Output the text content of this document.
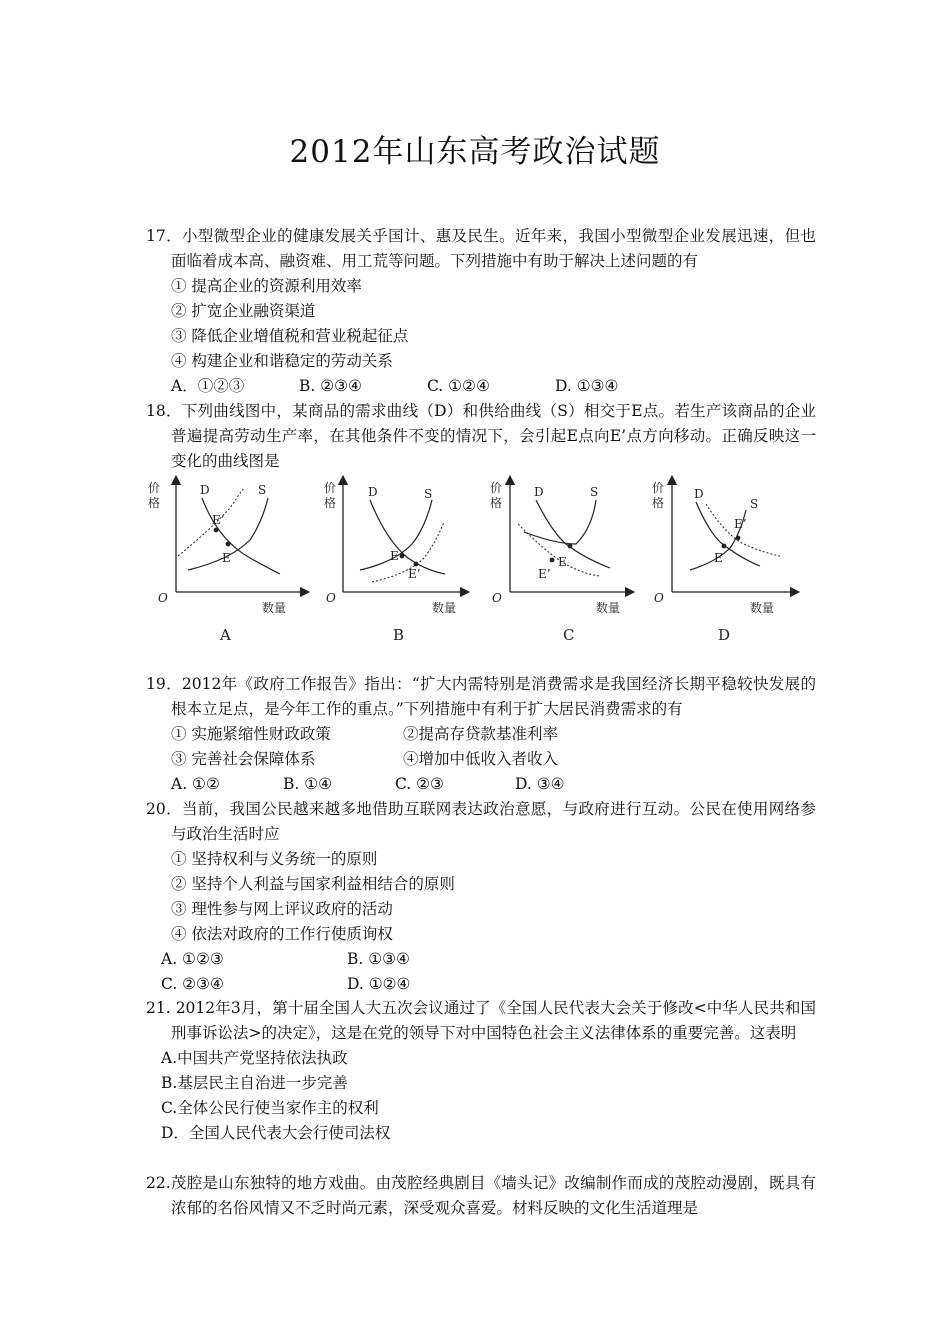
2012年山东高考政治试题
17．小型微型企业的健康发展关乎国计、惠及民生。近年来，我国小型微型企业发展迅速，但也面临着成本高、融资难、用工荒等问题。下列措施中有助于解决上述问题的有
① 提高企业的资源利用效率
② 扩宽企业融资渠道
③ 降低企业增值税和营业税起征点
④ 构建企业和谐稳定的劳动关系
A．①②③	B. ②③④	C. ①②④	D. ①③④
18．下列曲线图中，某商品的需求曲线（D）和供给曲线（S）相交于E点。若生产该商品的企业普遍提高劳动生产率，在其他条件不变的情况下，会引起E点向E’点方向移动。正确反映这一变化的曲线图是
价
格
O
数量
D	S
E
E’
A
价
格
O
数量
D	S
E
E’
B
价
格
O
数量
D	S
E
E’
C
价
格
O
数量
D
S
E
E’
D
19．2012年《政府工作报告》指出：“扩大内需特别是消费需求是我国经济长期平稳较快发展的根本立足点，是今年工作的重点。”下列措施中有利于扩大居民消费需求的有
① 实施紧缩性财政政策	②提高存贷款基准利率
③ 完善社会保障体系	④增加中低收入者收入
A. ①②	B. ①④	C. ②③	D. ③④
20．当前，我国公民越来越多地借助互联网表达政治意愿，与政府进行互动。公民在使用网络参与政治生活时应
① 坚持权利与义务统一的原则
② 坚持个人利益与国家利益相结合的原则
③ 理性参与网上评议政府的活动
④ 依法对政府的工作行使质询权
A. ①②③	B. ①③④
C. ②③④	D. ①②④
21. 2012年3月，第十届全国人大五次会议通过了《全国人民代表大会关于修改<中华人民共和国刑事诉讼法>的决定》，这是在党的领导下对中国特色社会主义法律体系的重要完善。这表明
A.中国共产党坚持依法执政
B.基层民主自治进一步完善
C.全体公民行使当家作主的权利
D．全国人民代表大会行使司法权
22.茂腔是山东独特的地方戏曲。由茂腔经典剧目《墙头记》改编制作而成的茂腔动漫剧，既具有浓郁的名俗风情又不乏时尚元素，深受观众喜爱。材料反映的文化生活道理是
